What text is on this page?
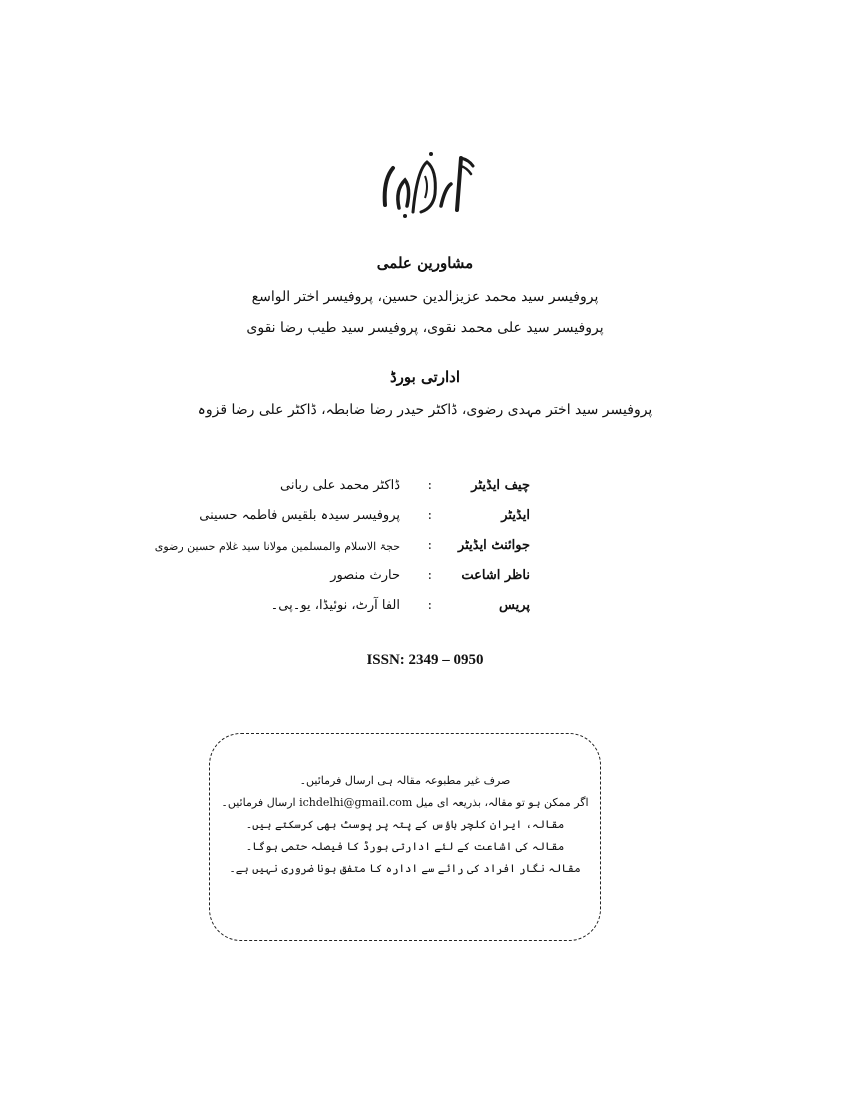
مشاورین علمی
پروفیسر سید محمد عزیزالدین حسین، پروفیسر اختر الواسع
پروفیسر سید علی محمد نقوی، پروفیسر سید طیب رضا نقوی
ادارتی بورڈ
پروفیسر سید اختر مہدی رضوی، ڈاکٹر حیدر رضا ضابطہ، ڈاکٹر علی رضا قزوہ
چیف ایڈیٹر
:
ڈاکٹر محمد علی ربانی
ایڈیٹر
:
پروفیسر سیدہ بلقیس فاطمہ حسینی
جوائنٹ ایڈیٹر
:
حجۃ الاسلام والمسلمین مولانا سید غلام حسین رضوی
ناظر اشاعت
:
حارث منصور
پریس
:
الفا آرٹ، نوئیڈا، یو۔پی۔
ISSN: 2349 – 0950
صرف غیر مطبوعہ مقالہ ہی ارسال فرمائیں۔
اگر ممکن ہو تو مقالہ، بذریعہ ای میل ichdelhi@gmail.com ارسال فرمائیں۔
مقالہ، ایران کلچر ہاؤس کے پتہ پر پوسٹ بھی کرسکتے ہیں۔
مقالہ کی اشاعت کے لئے ادارتی بورڈ کا فیصلہ حتمی ہوگا۔
مقالہ نگار افراد کی رائے سے ادارہ کا متفق ہونا ضروری نہیں ہے۔
